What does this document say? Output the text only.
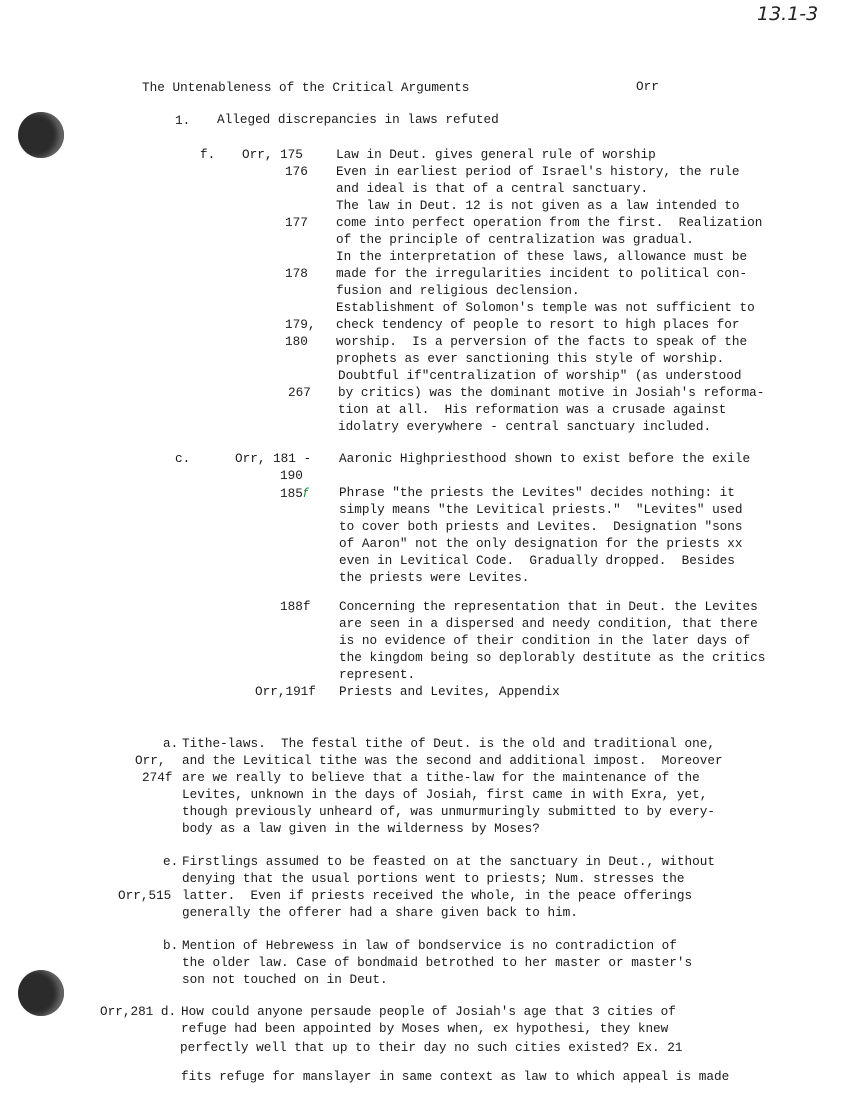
13.1-3
The Untenableness of the Critical Arguments	Orr
1. Alleged discrepancies in laws refuted
f. Orr, 175
176
177
178
179,
180
267
Law in Deut. gives general rule of worship
Even in earliest period of Israel's history, the rule
and ideal is that of a central sanctuary.
The law in Deut. 12 is not given as a law intended to
come into perfect operation from the first.  Realization
of the principle of centralization was gradual.
In the interpretation of these laws, allowance must be
made for the irregularities incident to political con-
fusion and religious declension.
Establishment of Solomon's temple was not sufficient to
check tendency of people to resort to high places for
worship.  Is a perversion of the facts to speak of the
prophets as ever sanctioning this style of worship.
Doubtful if"centralization of worship" (as understood
by critics) was the dominant motive in Josiah's reforma-
tion at all.  His reformation was a crusade against
idolatry everywhere - central sanctuary included.
c.	Orr, 181 -
190
185f
188f
Orr,191f
Aaronic Highpriesthood shown to exist before the exile
Phrase "the priests the Levites" decides nothing: it
simply means "the Levitical priests."  "Levites" used
to cover both priests and Levites.  Designation "sons
of Aaron" not the only designation for the priests xx
even in Levitical Code.  Gradually dropped.  Besides
the priests were Levites.
Concerning the representation that in Deut. the Levites
are seen in a dispersed and needy condition, that there
is no evidence of their condition in the later days of
the kingdom being so deplorably destitute as the critics
represent.
Priests and Levites, Appendix
a.
Orr,
274f
Tithe-laws.  The festal tithe of Deut. is the old and traditional one,
and the Levitical tithe was the second and additional impost.  Moreover
are we really to believe that a tithe-law for the maintenance of the
Levites, unknown in the days of Josiah, first came in with Exra, yet,
though previously unheard of, was unmurmuringly submitted to by every-
body as a law given in the wilderness by Moses?
e.
Orr,515
Firstlings assumed to be feasted on at the sanctuary in Deut., without
denying that the usual portions went to priests; Num. stresses the
latter.  Even if priests received the whole, in the peace offerings
generally the offerer had a share given back to him.
b. Mention of Hebrewess in law of bondservice is no contradiction of
the older law. Case of bondmaid betrothed to her master or master's
son not touched on in Deut.
Orr,281 d. How could anyone persaude people of Josiah's age that 3 cities of
refuge had been appointed by Moses when, ex hypothesi, they knew
perfectly well that up to their day no such cities existed? Ex. 21
fits refuge for manslayer in same context as law to which appeal is made
